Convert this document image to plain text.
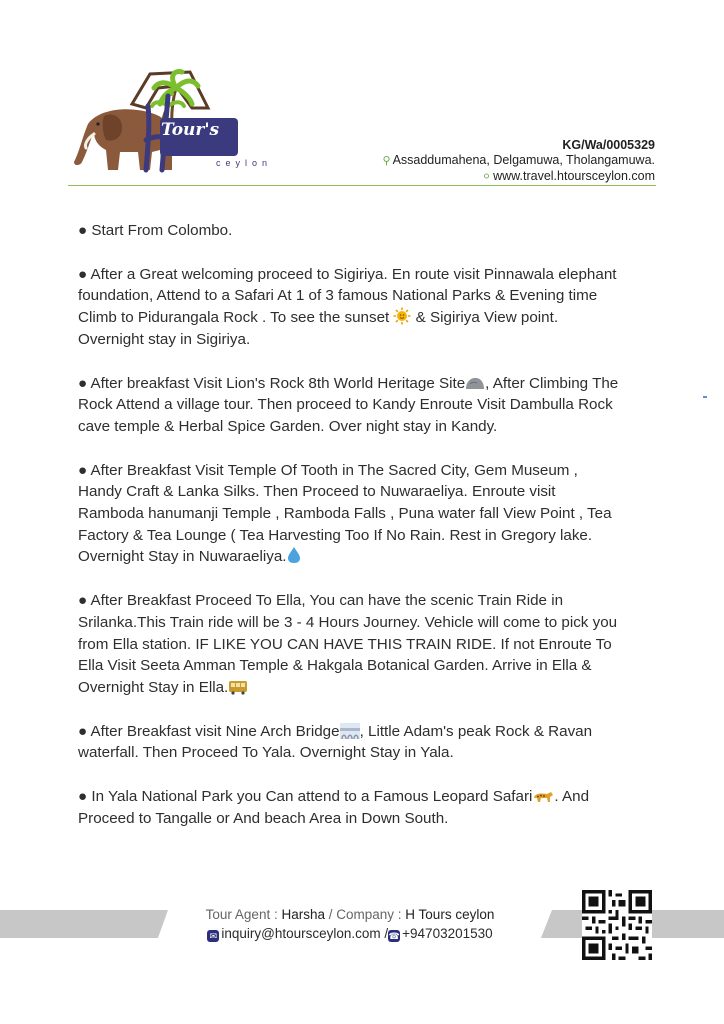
Tour's
ceylon
KG/Wa/0005329
⚲ Assaddumahena, Delgamuwa, Tholangamuwa.
⚪ www.travel.htoursceylon.com

● Start From Colombo.

● After a Great welcoming proceed to Sigiriya. En route visit Pinnawala elephant foundation, Attend to a Safari At 1 of 3 famous National Parks & Evening time Climb to Pidurangala Rock . To see the sunset  & Sigiriya View point. Overnight stay in Sigiriya.

● After breakfast Visit Lion's Rock 8th World Heritage Site , After Climbing The Rock Attend a village tour. Then proceed to Kandy Enroute Visit Dambulla Rock cave temple & Herbal Spice Garden. Over night stay in Kandy.

● After Breakfast Visit Temple Of Tooth in The Sacred City, Gem Museum , Handy Craft & Lanka Silks. Then Proceed to Nuwaraeliya. Enroute visit Ramboda hanumanji Temple , Ramboda Falls , Puna water fall View Point , Tea Factory & Tea Lounge ( Tea Harvesting Too If No Rain. Rest in Gregory lake. Overnight Stay in Nuwaraeliya.

● After Breakfast Proceed To Ella, You can have the scenic Train Ride in Srilanka.This Train ride will be 3 - 4 Hours Journey. Vehicle will come to pick you from Ella station. IF LIKE YOU CAN HAVE THIS TRAIN RIDE. If not Enroute To Ella Visit Seeta Amman Temple & Hakgala Botanical Garden. Arrive in Ella & Overnight Stay in Ella.

● After Breakfast visit Nine Arch Bridge , Little Adam's peak Rock & Ravan waterfall. Then Proceed To Yala. Overnight Stay in Yala.

● In Yala National Park you Can attend to a Famous Leopard Safari . And Proceed to Tangalle or And beach Area in Down South.

Tour Agent : Harsha / Company : H Tours ceylon
✉ inquiry@htoursceylon.com /☎ +94703201530
